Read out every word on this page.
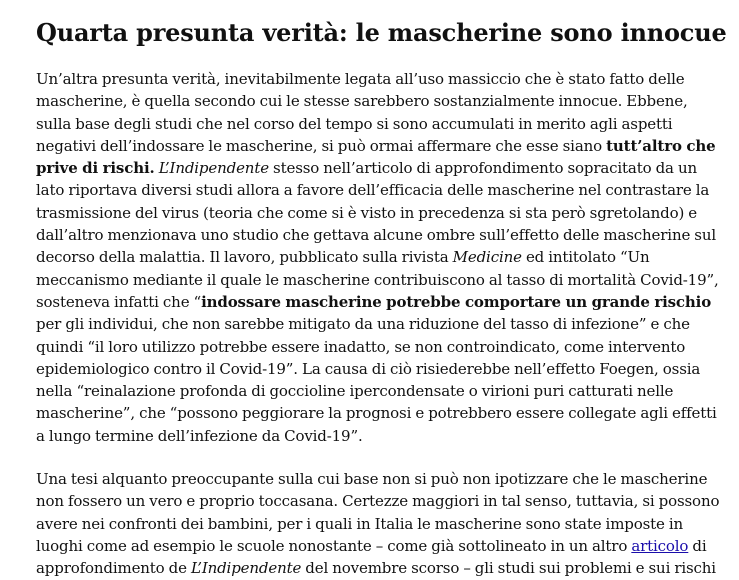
Quarta presunta verità: le mascherine sono innocue

Un’altra presunta verità, inevitabilmente legata all’uso massiccio che è stato fatto delle
mascherine, è quella secondo cui le stesse sarebbero sostanzialmente innocue. Ebbene,
sulla base degli studi che nel corso del tempo si sono accumulati in merito agli aspetti
negativi dell’indossare le mascherine, si può ormai affermare che esse siano tutt’altro che
prive di rischi. L’Indipendente stesso nell’articolo di approfondimento sopracitato da un
lato riportava diversi studi allora a favore dell’efficacia delle mascherine nel contrastare la
trasmissione del virus (teoria che come si è visto in precedenza si sta però sgretolando) e
dall’altro menzionava uno studio che gettava alcune ombre sull’effetto delle mascherine sul
decorso della malattia. Il lavoro, pubblicato sulla rivista Medicine ed intitolato “Un
meccanismo mediante il quale le mascherine contribuiscono al tasso di mortalità Covid-19”,
sosteneva infatti che “indossare mascherine potrebbe comportare un grande rischio
per gli individui, che non sarebbe mitigato da una riduzione del tasso di infezione” e che
quindi “il loro utilizzo potrebbe essere inadatto, se non controindicato, come intervento
epidemiologico contro il Covid-19”. La causa di ciò risiederebbe nell’effetto Foegen, ossia
nella “reinalazione profonda di goccioline ipercondensate o virioni puri catturati nelle
mascherine”, che “possono peggiorare la prognosi e potrebbero essere collegate agli effetti
a lungo termine dell’infezione da Covid-19”.

Una tesi alquanto preoccupante sulla cui base non si può non ipotizzare che le mascherine
non fossero un vero e proprio toccasana. Certezze maggiori in tal senso, tuttavia, si possono
avere nei confronti dei bambini, per i quali in Italia le mascherine sono state imposte in
luoghi come ad esempio le scuole nonostante – come già sottolineato in un altro articolo di
approfondimento de L’Indipendente del novembre scorso – gli studi sui problemi e sui rischi
